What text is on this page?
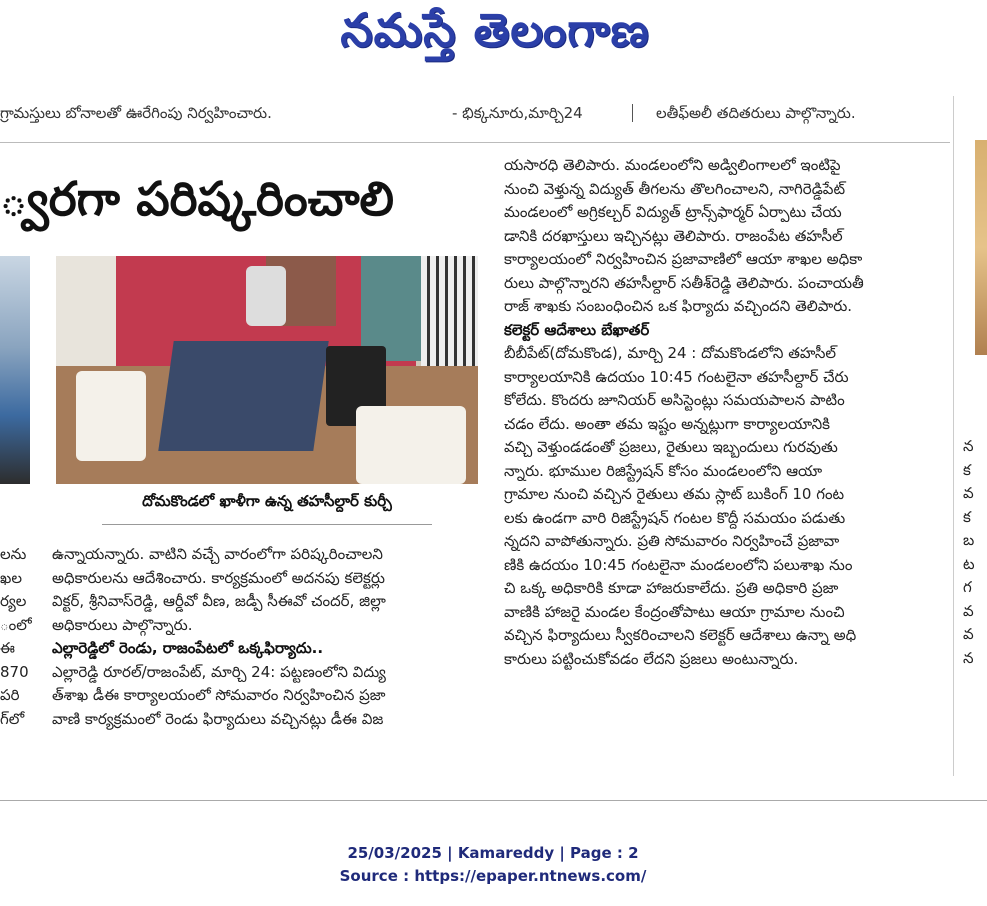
నమస్తే తెలంగాణ
గ్రామస్తులు బోనాలతో ఊరేగింపు నిర్వహించారు.	- భిక్కనూరు,మార్చి24	లతీఫ్‌అలీ తదితరులు పాల్గొన్నారు.
్వరగా పరిష్కరించాలి
దోమకొండలో ఖాళీగా ఉన్న తహసీల్దార్ కుర్చీ

లను

ఖల

ర్యల

ంలో

ఈ

870

పరి

గ్‌లో

ఉన్నాయన్నారు. వాటిని వచ్చే వారంలోగా పరిష్కరించాలని

అధికారులను ఆదేశించారు. కార్యక్రమంలో అదనపు కలెక్టర్లు

విక్టర్, శ్రీనివాస్‌రెడ్డి, ఆర్డీవో వీణ, జడ్పీ సీఈవో చందర్, జిల్లా

అధికారులు పాల్గొన్నారు.

ఎల్లారెడ్డిలో రెండు, రాజంపేటలో ఒక్కఫిర్యాదు..

ఎల్లారెడ్డి రూరల్/రాజంపేట్, మార్చి 24: పట్టణంలోని విద్యు

త్‌శాఖ డీఈ కార్యాలయంలో సోమవారం నిర్వహించిన ప్రజా

వాణి కార్యక్రమంలో రెండు ఫిర్యాదులు వచ్చినట్లు డీఈ విజ

యసారధి తెలిపారు. మండలంలోని అడ్విలింగాలలో ఇంటిపై

నుంచి వెళ్తున్న విద్యుత్ తీగలను తొలగించాలని, నాగిరెడ్డిపేట్

మండలంలో అగ్రికల్చర్ విద్యుత్ ట్రాన్స్‌ఫార్మర్ ఏర్పాటు చేయ

డానికి దరఖాస్తులు ఇచ్చినట్లు తెలిపారు. రాజంపేట తహసీల్

కార్యాలయంలో నిర్వహించిన ప్రజావాణిలో ఆయా శాఖల అధికా

రులు పాల్గొన్నారని తహసీల్దార్ సతీశ్‌రెడ్డి తెలిపారు. పంచాయతీ

రాజ్ శాఖకు సంబంధించిన ఒక ఫిర్యాదు వచ్చిందని తెలిపారు.

కలెక్టర్ ఆదేశాలు బేఖాతర్

బీబీపేట్(దోమకొండ), మార్చి 24 : దోమకొండలోని తహసీల్

కార్యాలయానికి ఉదయం 10:45 గంటలైనా తహసీల్దార్ చేరు

కోలేదు. కొందరు జూనియర్ అసిస్టెంట్లు సమయపాలన పాటిం

చడం లేదు. అంతా తమ ఇష్టం అన్నట్లుగా కార్యాలయానికి

వచ్చి వెళ్తుండడంతో ప్రజలు, రైతులు ఇబ్బందులు గురవుతు

న్నారు. భూముల రిజిస్ట్రేషన్ కోసం మండలంలోని ఆయా

గ్రామాల నుంచి వచ్చిన రైతులు తమ స్లాట్ బుకింగ్ 10 గంట

లకు ఉండగా వారి రిజిస్ట్రేషన్ గంటల కొద్దీ సమయం పడుతు

న్నదని వాపోతున్నారు. ప్రతి సోమవారం నిర్వహించే ప్రజావా

ణికి ఉదయం 10:45 గంటలైనా మండలంలోని పలుశాఖ నుం

చి ఒక్క అధికారికి కూడా హాజరుకాలేదు. ప్రతి అధికారి ప్రజా

వాణికి హాజరై మండల కేంద్రంతోపాటు ఆయా గ్రామాల నుంచి

వచ్చిన ఫిర్యాదులు స్వీకరించాలని కలెక్టర్ ఆదేశాలు ఉన్నా అధి

కారులు పట్టించుకోవడం లేదని ప్రజలు అంటున్నారు.

న

క

వ

క

బ

ట

గ

వ

వ

న

25/03/2025 | Kamareddy | Page : 2
Source : https://epaper.ntnews.com/
